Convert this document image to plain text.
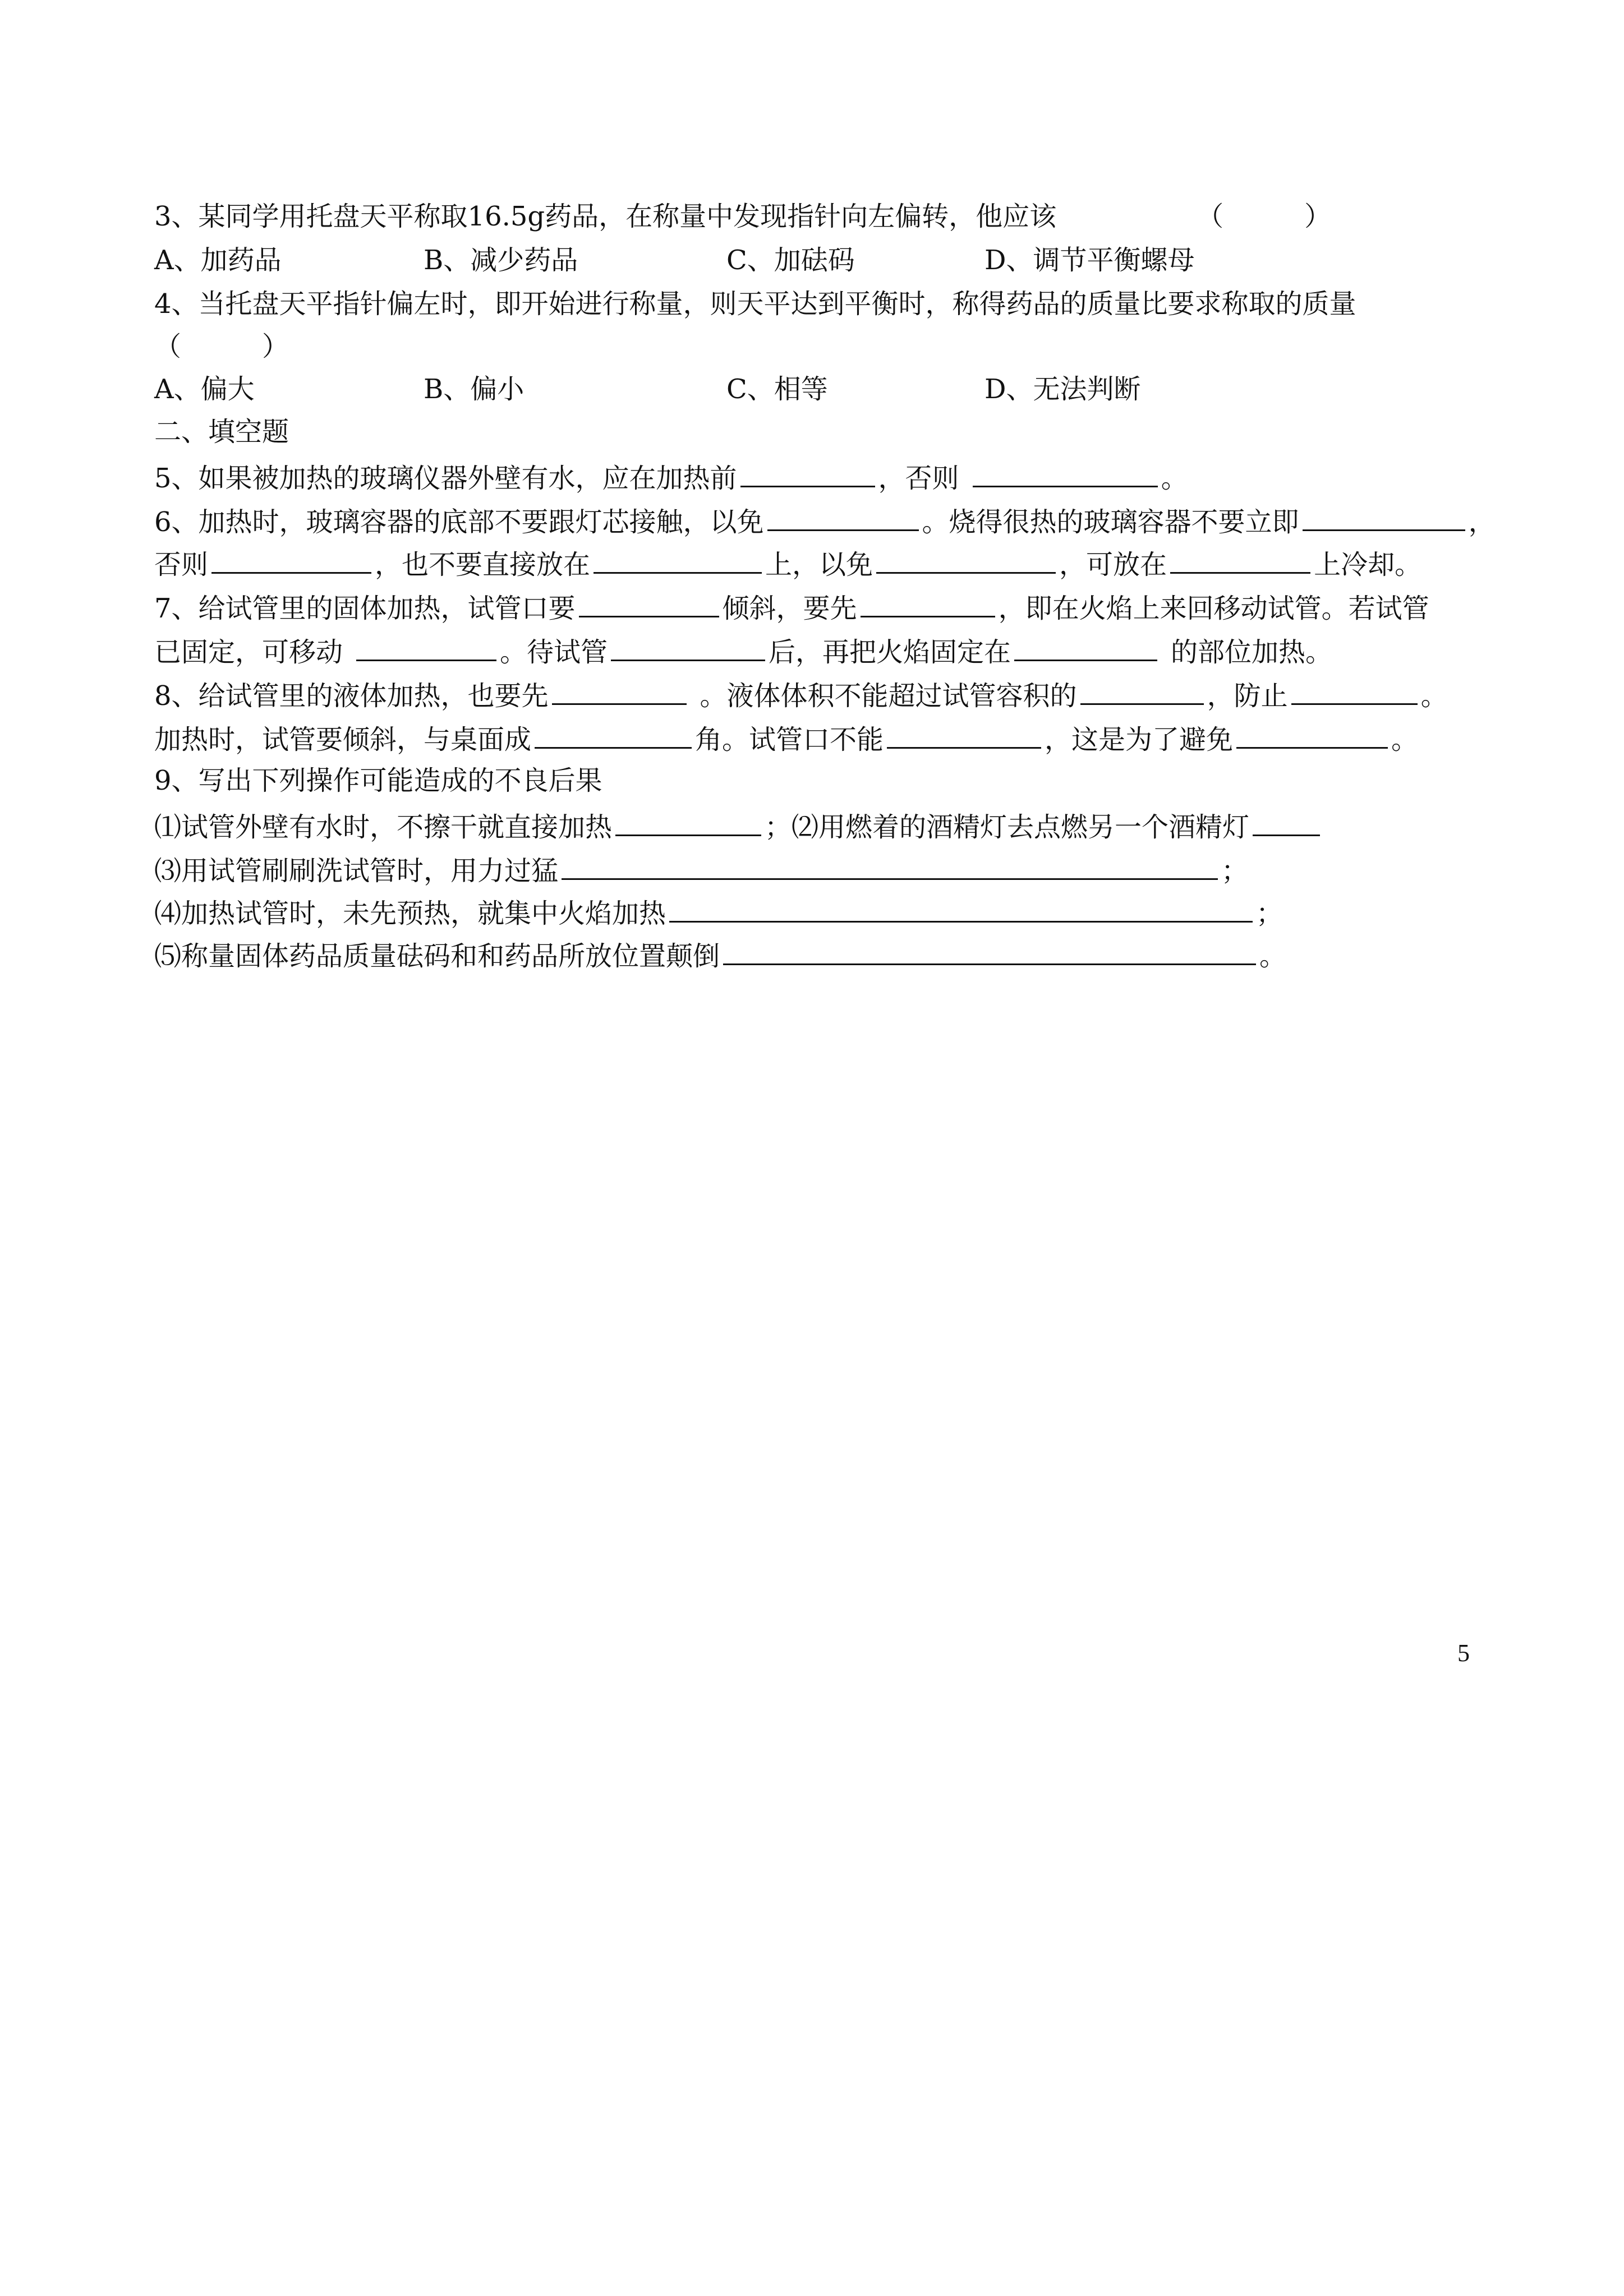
3、某同学用托盘天平称取16.5g药品，在称量中发现指针向左偏转，他应该	（　　　）
A、加药品	B、减少药品	C、加砝码	D、调节平衡螺母
4、当托盘天平指针偏左时，即开始进行称量，则天平达到平衡时，称得药品的质量比要求称取的质量
（　　　）
A、偏大	B、偏小	C、相等	D、无法判断
二、填空题
5、如果被加热的玻璃仪器外壁有水，应在加热前	，否则	。
6、加热时，玻璃容器的底部不要跟灯芯接触，以免	。烧得很热的玻璃容器不要立即	，
否则	，也不要直接放在	上，以免	，可放在	上冷却。
7、给试管里的固体加热，试管口要	倾斜，要先	，即在火焰上来回移动试管。若试管
已固定，可移动	。待试管	后，再把火焰固定在	的部位加热。
8、给试管里的液体加热，也要先	。液体体积不能超过试管容积的	，防止	。
加热时，试管要倾斜，与桌面成	角。试管口不能	，这是为了避免	。
9、写出下列操作可能造成的不良后果
⑴试管外壁有水时，不擦干就直接加热	；⑵用燃着的酒精灯去点燃另一个酒精灯
⑶用试管刷刷洗试管时，用力过猛	；
⑷加热试管时，未先预热，就集中火焰加热	；
⑸称量固体药品质量砝码和和药品所放位置颠倒	。
5
